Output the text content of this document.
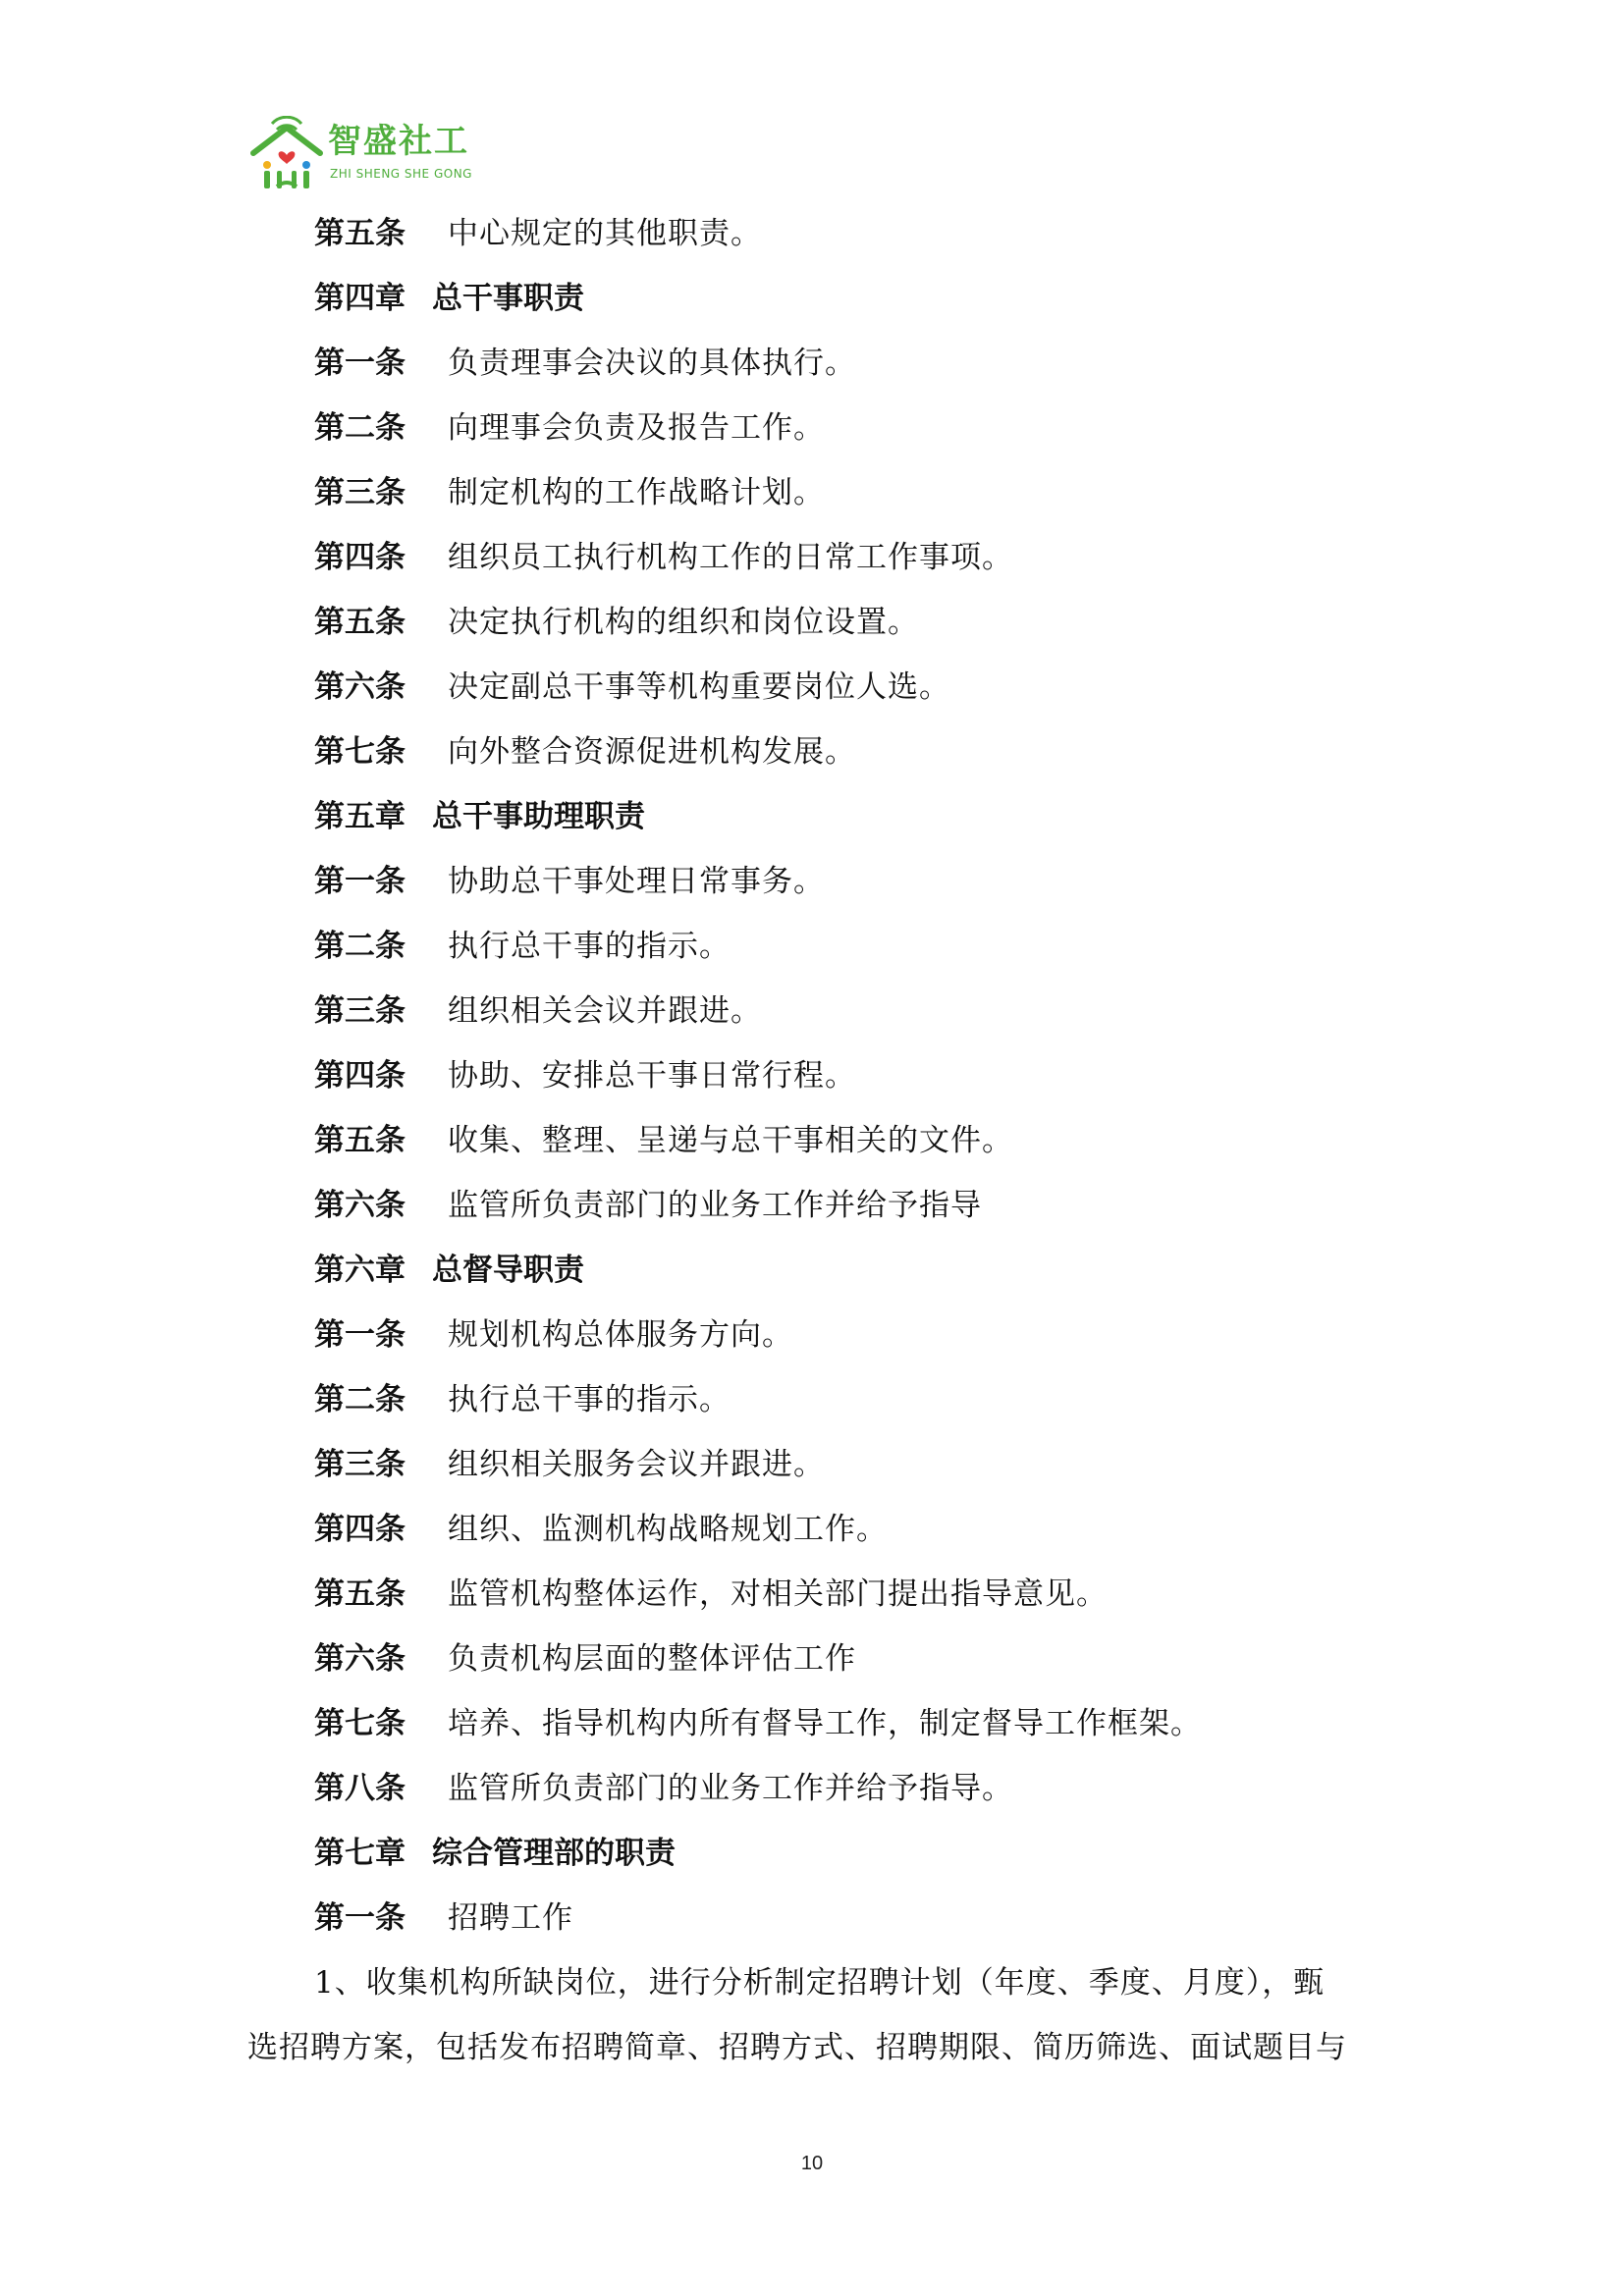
智盛社工
ZHI SHENG SHE GONG
第五条 中心规定的其他职责。
第四章 总干事职责
第一条 负责理事会决议的具体执行。
第二条 向理事会负责及报告工作。
第三条 制定机构的工作战略计划。
第四条 组织员工执行机构工作的日常工作事项。
第五条 决定执行机构的组织和岗位设置。
第六条 决定副总干事等机构重要岗位人选。
第七条 向外整合资源促进机构发展。
第五章 总干事助理职责
第一条 协助总干事处理日常事务。
第二条 执行总干事的指示。
第三条 组织相关会议并跟进。
第四条 协助、安排总干事日常行程。
第五条 收集、整理、呈递与总干事相关的文件。
第六条 监管所负责部门的业务工作并给予指导
第六章 总督导职责
第一条 规划机构总体服务方向。
第二条 执行总干事的指示。
第三条 组织相关服务会议并跟进。
第四条 组织、监测机构战略规划工作。
第五条 监管机构整体运作，对相关部门提出指导意见。
第六条 负责机构层面的整体评估工作
第七条 培养、指导机构内所有督导工作，制定督导工作框架。
第八条 监管所负责部门的业务工作并给予指导。
第七章 综合管理部的职责
第一条 招聘工作
1、收集机构所缺岗位，进行分析制定招聘计划（年度、季度、月度），甄
选招聘方案，包括发布招聘简章、招聘方式、招聘期限、简历筛选、面试题目与
10
